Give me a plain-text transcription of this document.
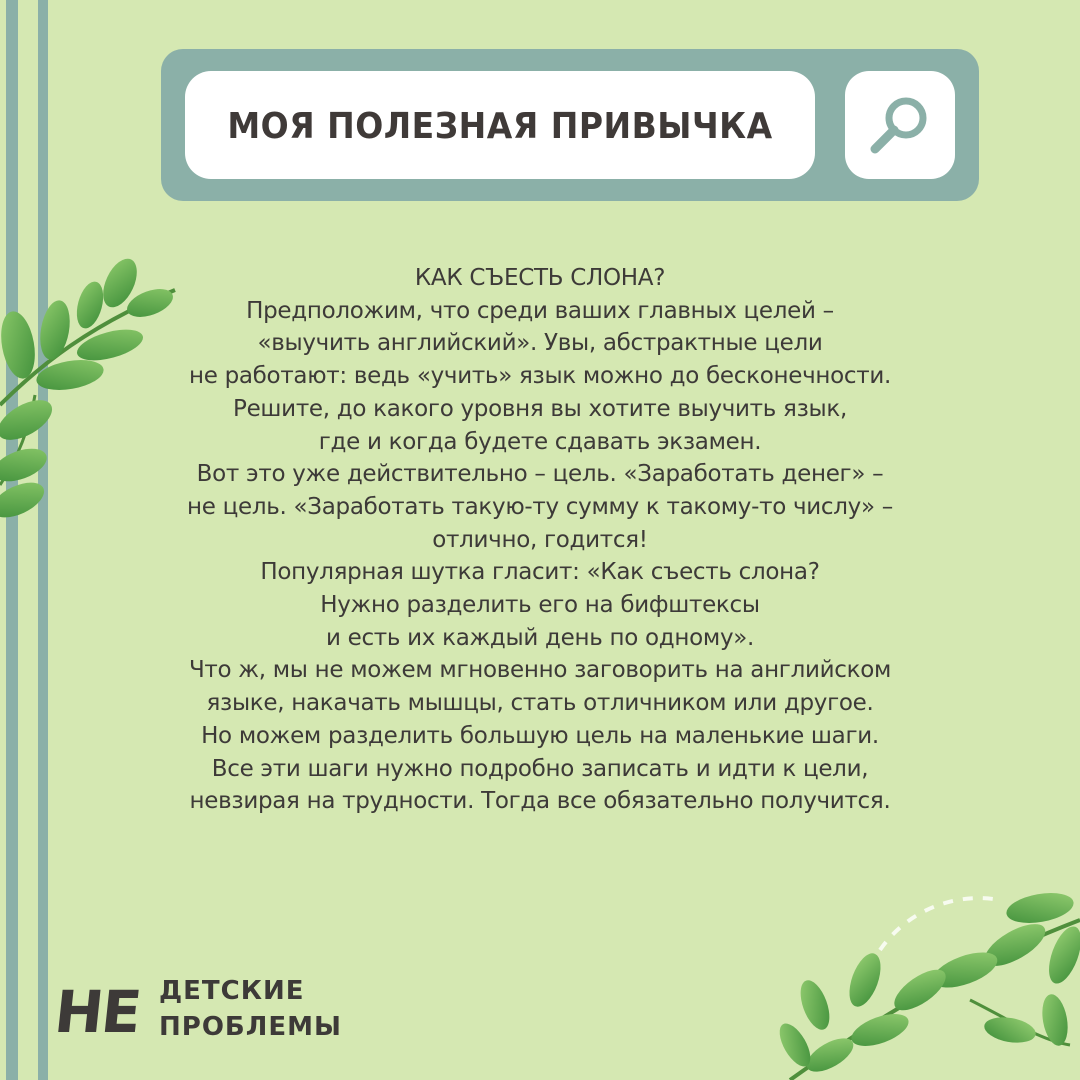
МОЯ ПОЛЕЗНАЯ ПРИВЫЧКА
КАК СЪЕСТЬ СЛОНА?
Предположим, что среди ваших главных целей –
«выучить английский». Увы, абстрактные цели
не работают: ведь «учить» язык можно до бесконечности.
Решите, до какого уровня вы хотите выучить язык,
где и когда будете сдавать экзамен.
Вот это уже действительно – цель. «Заработать денег» –
не цель. «Заработать такую-ту сумму к такому-то числу» –
отлично, годится!
Популярная шутка гласит: «Как съесть слона?
Нужно разделить его на бифштексы
и есть их каждый день по одному».
Что ж, мы не можем мгновенно заговорить на английском
языке, накачать мышцы, стать отличником или другое.
Но можем разделить большую цель на маленькие шаги.
Все эти шаги нужно подробно записать и идти к цели,
невзирая на трудности. Тогда все обязательно получится.
НЕ ДЕТСКИЕ
ПРОБЛЕМЫ
